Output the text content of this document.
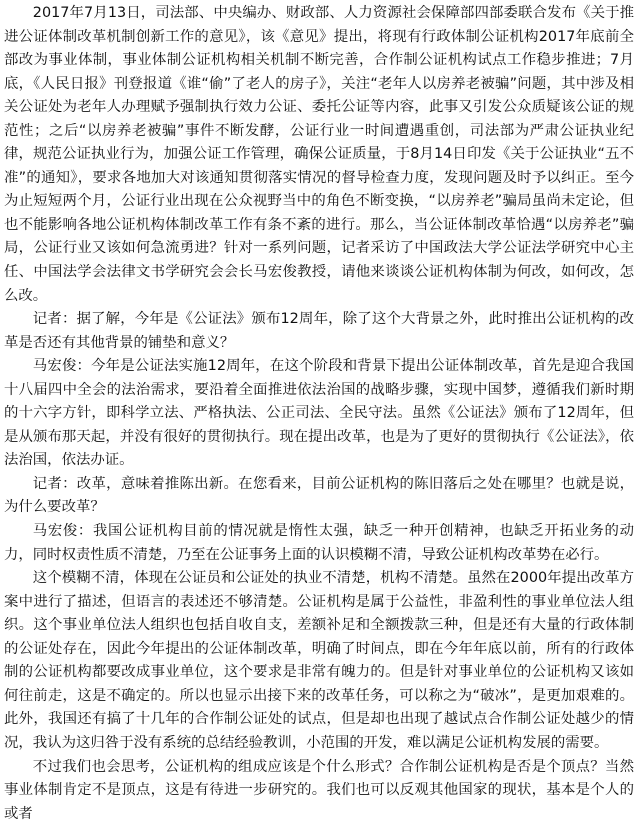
2017年7月13日，司法部、中央编办、财政部、人力资源社会保障部四部委联合发布《关于推进公证体制改革机制创新工作的意见》，该《意见》提出，将现有行政体制公证机构2017年底前全部改为事业体制，事业体制公证机构相关机制不断完善，合作制公证机构试点工作稳步推进；7月底，《人民日报》刊登报道《谁“偷”了老人的房子》，关注“老年人以房养老被骗”问题，其中涉及相关公证处为老年人办理赋予强制执行效力公证、委托公证等内容，此事又引发公众质疑该公证的规范性；之后“以房养老被骗”事件不断发酵，公证行业一时间遭遇重创，司法部为严肃公证执业纪律，规范公证执业行为，加强公证工作管理，确保公证质量，于8月14日印发《关于公证执业“五不准”的通知》，要求各地加大对该通知贯彻落实情况的督导检查力度，发现问题及时予以纠正。至今为止短短两个月，公证行业出现在公众视野当中的角色不断变换，“以房养老”骗局虽尚未定论，但也不能影响各地公证机构体制改革工作有条不紊的进行。那么，当公证体制改革恰遇“以房养老”骗局，公证行业又该如何急流勇进？针对一系列问题，记者采访了中国政法大学公证法学研究中心主任、中国法学会法律文书学研究会会长马宏俊教授，请他来谈谈公证机构体制为何改，如何改，怎么改。

记者：据了解，今年是《公证法》颁布12周年，除了这个大背景之外，此时推出公证机构的改革是否还有其他背景的铺垫和意义？

马宏俊：今年是公证法实施12周年，在这个阶段和背景下提出公证体制改革，首先是迎合我国十八届四中全会的法治需求，要沿着全面推进依法治国的战略步骤，实现中国梦，遵循我们新时期的十六字方针，即科学立法、严格执法、公正司法、全民守法。虽然《公证法》颁布了12周年，但是从颁布那天起，并没有很好的贯彻执行。现在提出改革，也是为了更好的贯彻执行《公证法》，依法治国，依法办证。

记者：改革，意味着推陈出新。在您看来，目前公证机构的陈旧落后之处在哪里？也就是说，为什么要改革？

马宏俊：我国公证机构目前的情况就是惰性太强，缺乏一种开创精神，也缺乏开拓业务的动力，同时权责性质不清楚，乃至在公证事务上面的认识模糊不清，导致公证机构改革势在必行。

这个模糊不清，体现在公证员和公证处的执业不清楚，机构不清楚。虽然在2000年提出改革方案中进行了描述，但语言的表述还不够清楚。公证机构是属于公益性，非盈利性的事业单位法人组织。这个事业单位法人组织也包括自收自支，差额补足和全额拨款三种，但是还有大量的行政体制的公证处存在，因此今年提出的公证体制改革，明确了时间点，即在今年年底以前，所有的行政体制的公证机构都要改成事业单位，这个要求是非常有魄力的。但是针对事业单位的公证机构又该如何往前走，这是不确定的。所以也显示出接下来的改革任务，可以称之为“破冰”，是更加艰难的。此外，我国还有搞了十几年的合作制公证处的试点，但是却也出现了越试点合作制公证处越少的情况，我认为这归咎于没有系统的总结经验教训，小范围的开发，难以满足公证机构发展的需要。

不过我们也会思考，公证机构的组成应该是个什么形式？合作制公证机构是否是个顶点？当然事业体制肯定不是顶点，这是有待进一步研究的。我们也可以反观其他国家的现状，基本是个人的或者
